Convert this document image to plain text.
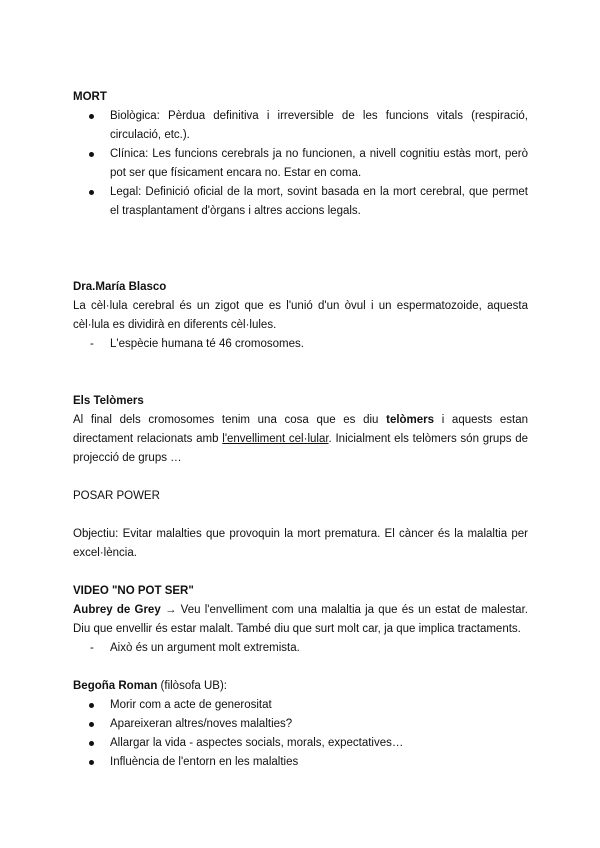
MORT

Biològica: Pèrdua definitiva i irreversible de les funcions vitals (respiració, circulació, etc.).
Clínica: Les funcions cerebrals ja no funcionen, a nivell cognitiu estàs mort, però pot ser que físicament encara no. Estar en coma.
Legal: Definició oficial de la mort, sovint basada en la mort cerebral, que permet el trasplantament d'òrgans i altres accions legals.

Dra.María Blasco

La cèl·lula cerebral és un zigot que es l'unió d'un òvul i un espermatozoide, aquesta cèl·lula es dividirà en diferents cèl·lules.

- L'espècie humana té 46 cromosomes.

Els Telòmers

Al final dels cromosomes tenim una cosa que es diu telòmers i aquests estan directament relacionats amb l'envelliment cel·lular. Inicialment els telòmers són grups de projecció de grups …

POSAR POWER

Objectiu: Evitar malalties que provoquin la mort prematura. El càncer és la malaltia per excel·lència.

VIDEO "NO POT SER"

Aubrey de Grey → Veu l'envelliment com una malaltia ja que és un estat de malestar. Diu que envellir és estar malalt. També diu que surt molt car, ja que implica tractaments.

- Això és un argument molt extremista.

Begoña Roman (filòsofa UB):

Morir com a acte de generositat
Apareixeran altres/noves malalties?
Allargar la vida - aspectes socials, morals, expectatives…
Influència de l'entorn en les malalties
